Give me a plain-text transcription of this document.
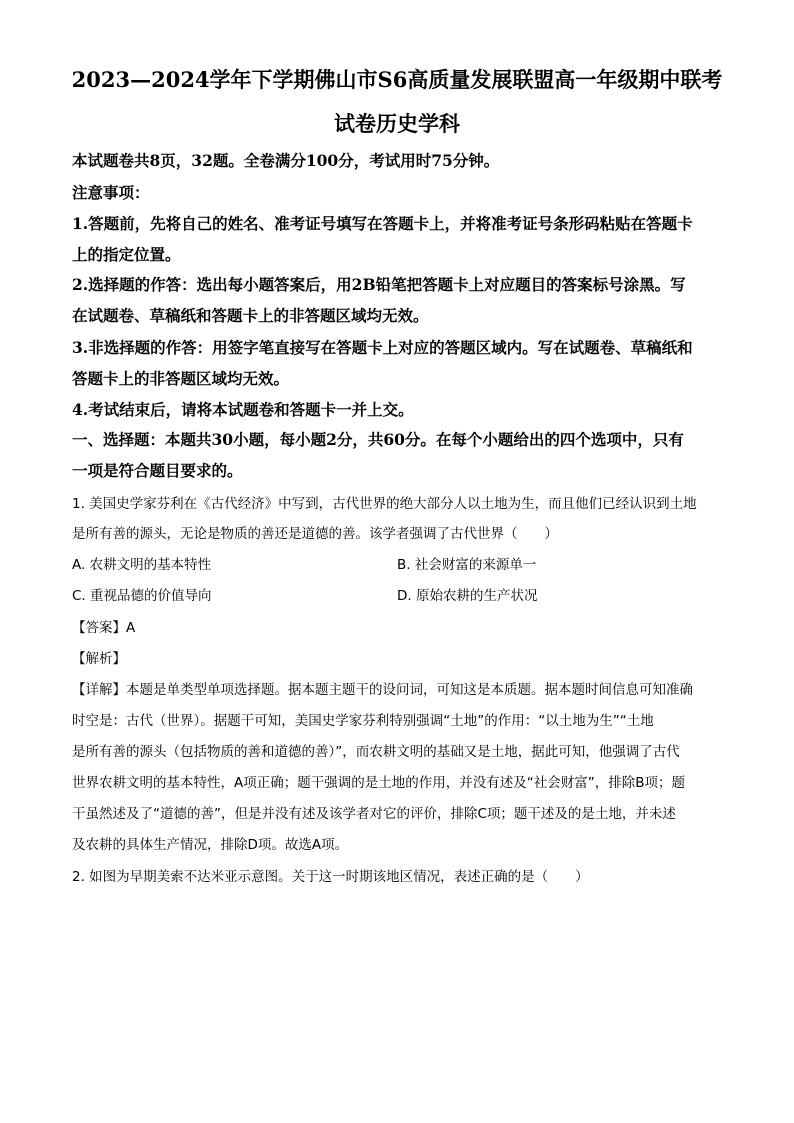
2023—2024学年下学期佛山市S6高质量发展联盟高一年级期中联考
试卷历史学科
本试题卷共8页，32题。全卷满分100分，考试用时75分钟。
注意事项：
1.答题前，先将自己的姓名、准考证号填写在答题卡上，并将准考证号条形码粘贴在答题卡
上的指定位置。
2.选择题的作答：选出每小题答案后，用2B铅笔把答题卡上对应题目的答案标号涂黑。写
在试题卷、草稿纸和答题卡上的非答题区域均无效。
3.非选择题的作答：用签字笔直接写在答题卡上对应的答题区域内。写在试题卷、草稿纸和
答题卡上的非答题区域均无效。
4.考试结束后，请将本试题卷和答题卡一并上交。
一、选择题：本题共30小题，每小题2分，共60分。在每个小题给出的四个选项中，只有
一项是符合题目要求的。
1. 美国史学家芬利在《古代经济》中写到，古代世界的绝大部分人以土地为生，而且他们已经认识到土地
是所有善的源头，无论是物质的善还是道德的善。该学者强调了古代世界（　　）
A. 农耕文明的基本特性	B. 社会财富的来源单一
C. 重视品德的价值导向	D. 原始农耕的生产状况
【答案】A
【解析】
【详解】本题是单类型单项选择题。据本题主题干的设问词，可知这是本质题。据本题时间信息可知准确
时空是：古代（世界）。据题干可知，美国史学家芬利特别强调“土地”的作用：“以土地为生”“土地
是所有善的源头（包括物质的善和道德的善）”，而农耕文明的基础又是土地，据此可知，他强调了古代
世界农耕文明的基本特性，A项正确；题干强调的是土地的作用，并没有述及“社会财富”，排除B项；题
干虽然述及了“道德的善”，但是并没有述及该学者对它的评价，排除C项；题干述及的是土地，并未述
及农耕的具体生产情况，排除D项。故选A项。
2. 如图为早期美索不达米亚示意图。关于这一时期该地区情况，表述正确的是（　　）
